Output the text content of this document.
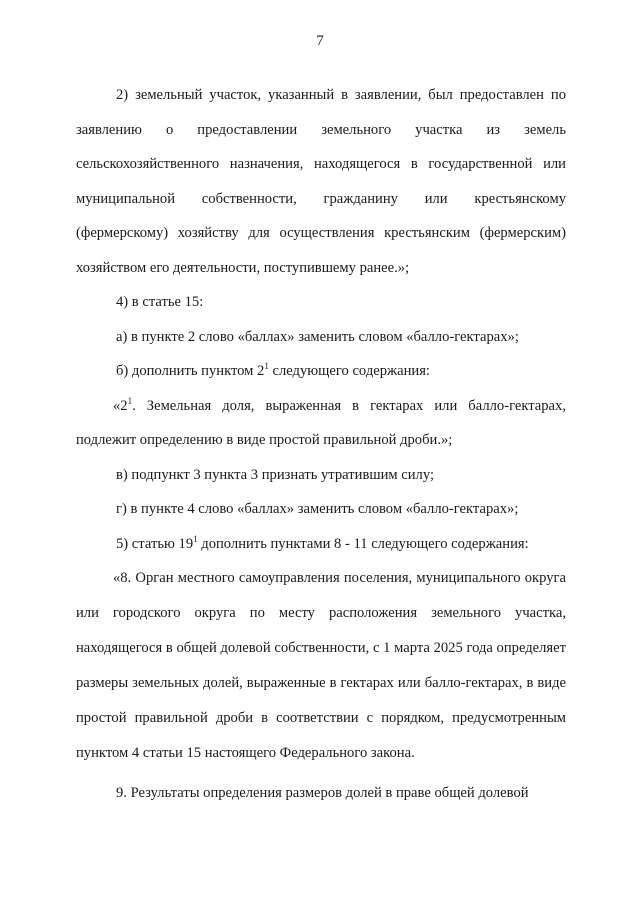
7

2) земельный участок, указанный в заявлении, был предоставлен по заявлению о предоставлении земельного участка из земель сельскохозяйственного назначения, находящегося в государственной или муниципальной собственности, гражданину или крестьянскому (фермерскому) хозяйству для осуществления крестьянским (фермерским) хозяйством его деятельности, поступившему ранее.»;

4) в статье 15:

а) в пункте 2 слово «баллах» заменить словом «балло-гектарах»;

б) дополнить пунктом $2^1$ следующего содержания:

«$2^1$. Земельная доля, выраженная в гектарах или балло-гектарах, подлежит определению в виде простой правильной дроби.»;

в) подпункт 3 пункта 3 признать утратившим силу;

г) в пункте 4 слово «баллах» заменить словом «балло-гектарах»;

5) статью $19^1$ дополнить пунктами 8 - 11 следующего содержания:

«8. Орган местного самоуправления поселения, муниципального округа или городского округа по месту расположения земельного участка, находящегося в общей долевой собственности, с 1 марта 2025 года определяет размеры земельных долей, выраженные в гектарах или балло-гектарах, в виде простой правильной дроби в соответствии с порядком, предусмотренным пунктом 4 статьи 15 настоящего Федерального закона.

9. Результаты определения размеров долей в праве общей долевой
